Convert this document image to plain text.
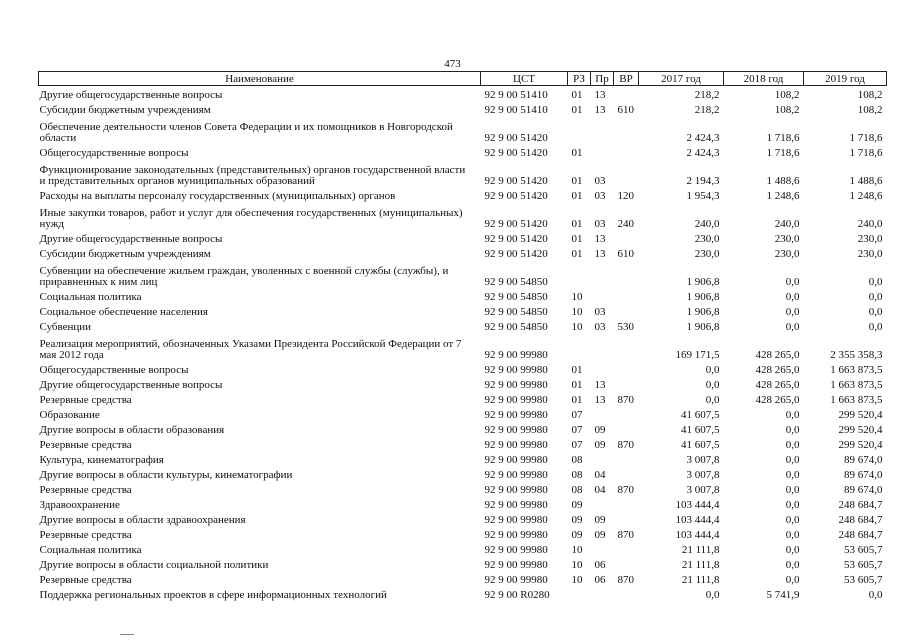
473
Наименование	ЦСТ	РЗ	Пр	ВР	2017 год	2018 год	2019 год
Другие общегосударственные вопросы	92 9 00 51410	01	13		218,2	108,2	108,2
Субсидии бюджетным учреждениям	92 9 00 51410	01	13	610	218,2	108,2	108,2
Обеспечение деятельности членов Совета Федерации и их помощников в Новгородской области	92 9 00 51420				2 424,3	1 718,6	1 718,6
Общегосударственные вопросы	92 9 00 51420	01			2 424,3	1 718,6	1 718,6
Функционирование законодательных (представительных) органов государственной власти и представительных органов муниципальных образований	92 9 00 51420	01	03		2 194,3	1 488,6	1 488,6
Расходы на выплаты персоналу государственных (муниципальных) органов	92 9 00 51420	01	03	120	1 954,3	1 248,6	1 248,6
Иные закупки товаров, работ и услуг для обеспечения государственных (муниципальных) нужд	92 9 00 51420	01	03	240	240,0	240,0	240,0
Другие общегосударственные вопросы	92 9 00 51420	01	13		230,0	230,0	230,0
Субсидии бюджетным учреждениям	92 9 00 51420	01	13	610	230,0	230,0	230,0
Субвенции на обеспечение жильем граждан, уволенных с военной службы (службы), и приравненных к ним лиц	92 9 00 54850				1 906,8	0,0	0,0
Социальная политика	92 9 00 54850	10			1 906,8	0,0	0,0
Социальное обеспечение населения	92 9 00 54850	10	03		1 906,8	0,0	0,0
Субвенции	92 9 00 54850	10	03	530	1 906,8	0,0	0,0
Реализация мероприятий, обозначенных Указами Президента Российской Федерации от 7 мая 2012 года	92 9 00 99980				169 171,5	428 265,0	2 355 358,3
Общегосударственные вопросы	92 9 00 99980	01			0,0	428 265,0	1 663 873,5
Другие общегосударственные вопросы	92 9 00 99980	01	13		0,0	428 265,0	1 663 873,5
Резервные средства	92 9 00 99980	01	13	870	0,0	428 265,0	1 663 873,5
Образование	92 9 00 99980	07			41 607,5	0,0	299 520,4
Другие вопросы в области образования	92 9 00 99980	07	09		41 607,5	0,0	299 520,4
Резервные средства	92 9 00 99980	07	09	870	41 607,5	0,0	299 520,4
Культура, кинематография	92 9 00 99980	08			3 007,8	0,0	89 674,0
Другие вопросы в области культуры, кинематографии	92 9 00 99980	08	04		3 007,8	0,0	89 674,0
Резервные средства	92 9 00 99980	08	04	870	3 007,8	0,0	89 674,0
Здравоохранение	92 9 00 99980	09			103 444,4	0,0	248 684,7
Другие вопросы в области здравоохранения	92 9 00 99980	09	09		103 444,4	0,0	248 684,7
Резервные средства	92 9 00 99980	09	09	870	103 444,4	0,0	248 684,7
Социальная политика	92 9 00 99980	10			21 111,8	0,0	53 605,7
Другие вопросы в области социальной политики	92 9 00 99980	10	06		21 111,8	0,0	53 605,7
Резервные средства	92 9 00 99980	10	06	870	21 111,8	0,0	53 605,7
Поддержка региональных проектов в сфере информационных технологий	92 9 00 R0280				0,0	5 741,9	0,0
